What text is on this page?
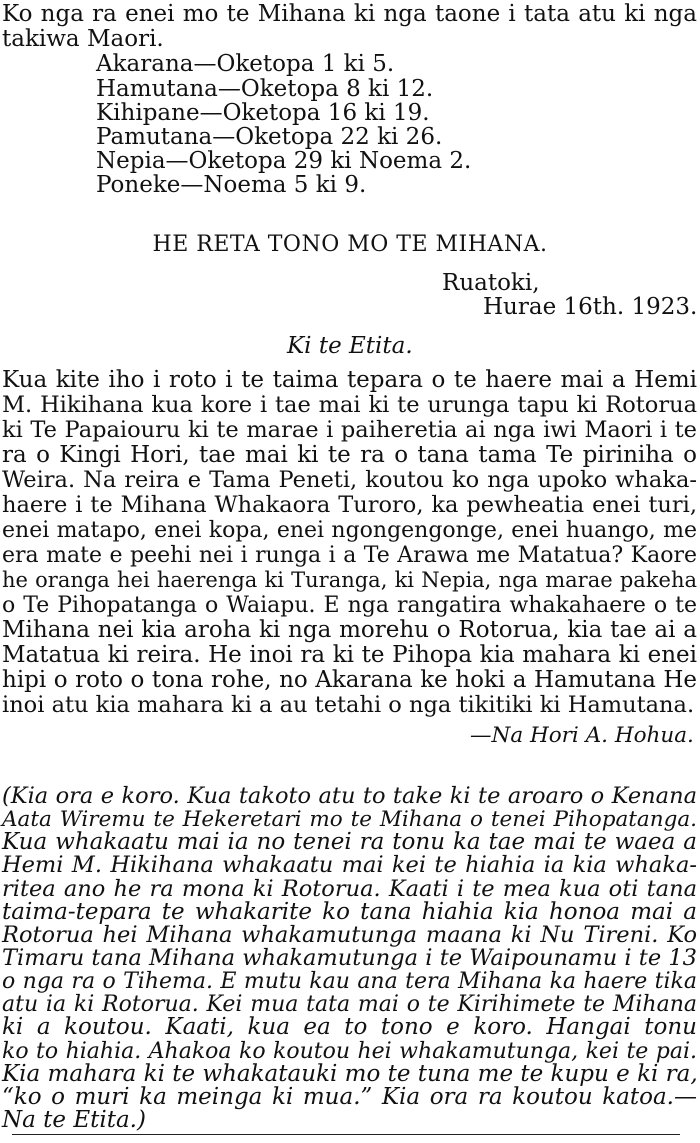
Ko nga ra enei mo te Mihana ki nga taone i tata atu ki nga
takiwa Maori.
Akarana—Oketopa 1 ki 5.
Hamutana—Oketopa 8 ki 12.
Kihipane—Oketopa 16 ki 19.
Pamutana—Oketopa 22 ki 26.
Nepia—Oketopa 29 ki Noema 2.
Poneke—Noema 5 ki 9.
HE RETA TONO MO TE MIHANA.
Ruatoki,
Hurae 16th. 1923.
Ki te Etita.
Kua kite iho i roto i te taima tepara o te haere mai a Hemi
M. Hikihana kua kore i tae mai ki te urunga tapu ki Rotorua
ki Te Papaiouru ki te marae i paiheretia ai nga iwi Maori i te
ra o Kingi Hori, tae mai ki te ra o tana tama Te piriniha o
Weira. Na reira e Tama Peneti, koutou ko nga upoko whaka-
haere i te Mihana Whakaora Turoro, ka pewheatia enei turi,
enei matapo, enei kopa, enei ngongengonge, enei huango, me
era mate e peehi nei i runga i a Te Arawa me Matatua? Kaore
he oranga hei haerenga ki Turanga, ki Nepia, nga marae pakeha
o Te Pihopatanga o Waiapu. E nga rangatira whakahaere o te
Mihana nei kia aroha ki nga morehu o Rotorua, kia tae ai a
Matatua ki reira. He inoi ra ki te Pihopa kia mahara ki enei
hipi o roto o tona rohe, no Akarana ke hoki a Hamutana He
inoi atu kia mahara ki a au tetahi o nga tikitiki ki Hamutana.
—Na Hori A. Hohua.
(Kia ora e koro. Kua takoto atu to take ki te aroaro o Kenana
Aata Wiremu te Hekeretari mo te Mihana o tenei Pihopatanga.
Kua whakaatu mai ia no tenei ra tonu ka tae mai te waea a
Hemi M. Hikihana whakaatu mai kei te hiahia ia kia whaka-
ritea ano he ra mona ki Rotorua. Kaati i te mea kua oti tana
taima-tepara te whakarite ko tana hiahia kia honoa mai a
Rotorua hei Mihana whakamutunga maana ki Nu Tireni. Ko
Timaru tana Mihana whakamutunga i te Waipounamu i te 13
o nga ra o Tihema. E mutu kau ana tera Mihana ka haere tika
atu ia ki Rotorua. Kei mua tata mai o te Kirihimete te Mihana
ki a koutou. Kaati, kua ea to tono e koro. Hangai tonu
ko to hiahia. Ahakoa ko koutou hei whakamutunga, kei te pai.
Kia mahara ki te whakatauki mo te tuna me te kupu e ki ra,
“ko o muri ka meinga ki mua.” Kia ora ra koutou katoa.—
Na te Etita.)
